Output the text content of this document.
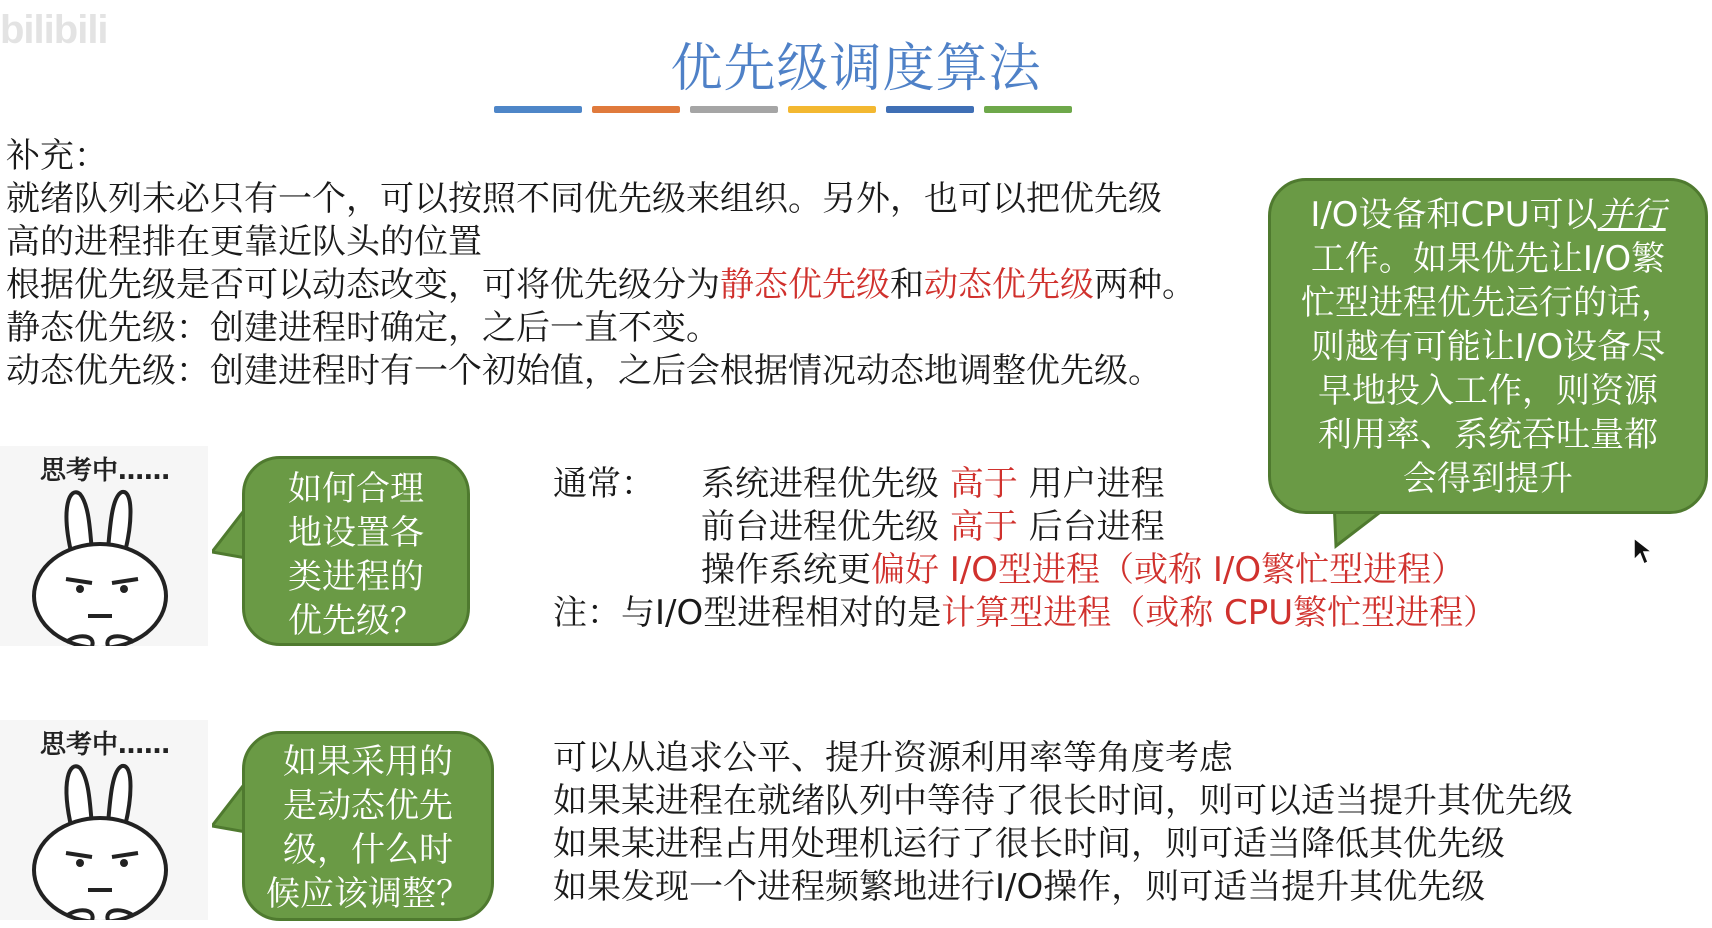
bilibili
优先级调度算法
补充：
就绪队列未必只有一个，可以按照不同优先级来组织。另外，也可以把优先级
高的进程排在更靠近队头的位置
根据优先级是否可以动态改变，可将优先级分为静态优先级和动态优先级两种。
静态优先级：创建进程时确定，之后一直不变。
动态优先级：创建进程时有一个初始值，之后会根据情况动态地调整优先级。
I/O设备和CPU可以并行
工作。如果优先让I/O繁
忙型进程优先运行的话，
则越有可能让I/O设备尽
早地投入工作，则资源
利用率、系统吞吐量都
会得到提升
思考中……	如何合理
地设置各
类进程的
优先级？
思考中……	如果采用的
是动态优先
级，什么时
候应该调整？
通常： 系统进程优先级 高于 用户进程
前台进程优先级 高于 后台进程
操作系统更偏好 I/O型进程（或称 I/O繁忙型进程）
注：与I/O型进程相对的是计算型进程（或称 CPU繁忙型进程）
可以从追求公平、提升资源利用率等角度考虑
如果某进程在就绪队列中等待了很长时间，则可以适当提升其优先级
如果某进程占用处理机运行了很长时间，则可适当降低其优先级
如果发现一个进程频繁地进行I/O操作，则可适当提升其优先级
